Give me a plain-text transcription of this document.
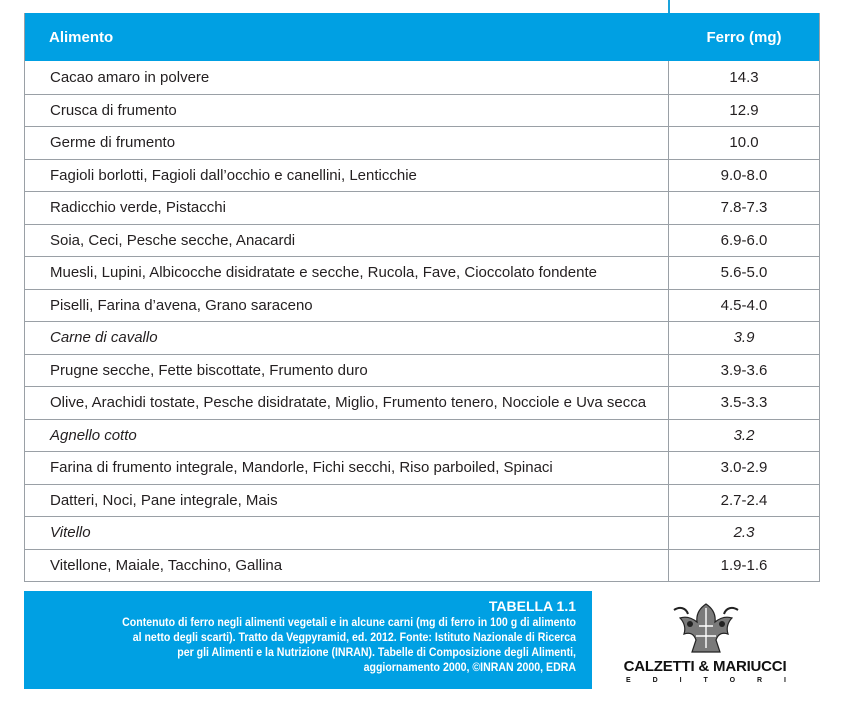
Alimento	Ferro (mg)
Cacao amaro in polvere	14.3
Crusca di frumento	12.9
Germe di frumento	10.0
Fagioli borlotti, Fagioli dall’occhio e canellini, Lenticchie	9.0-8.0
Radicchio verde, Pistacchi	7.8-7.3
Soia, Ceci, Pesche secche, Anacardi	6.9-6.0
Muesli, Lupini, Albicocche disidratate e secche, Rucola, Fave, Cioccolato fondente	5.6-5.0
Piselli, Farina d’avena, Grano saraceno	4.5-4.0
Carne di cavallo	3.9
Prugne secche, Fette biscottate, Frumento duro	3.9-3.6
Olive, Arachidi tostate, Pesche disidratate, Miglio, Frumento tenero, Nocciole e Uva secca	3.5-3.3
Agnello cotto	3.2
Farina di frumento integrale, Mandorle, Fichi secchi, Riso parboiled, Spinaci	3.0-2.9
Datteri, Noci, Pane integrale, Mais	2.7-2.4
Vitello	2.3
Vitellone, Maiale, Tacchino, Gallina	1.9-1.6
TABELLA 1.1
Contenuto di ferro negli alimenti vegetali e in alcune carni (mg di ferro in 100 g di alimento
al netto degli scarti). Tratto da Vegpyramid, ed. 2012. Fonte: Istituto Nazionale di Ricerca
per gli Alimenti e la Nutrizione (INRAN). Tabelle di Composizione degli Alimenti,
aggiornamento 2000, ©INRAN 2000, EDRA	CALZETTI & MARIUCCI
E	D	I	T	O	R	I
